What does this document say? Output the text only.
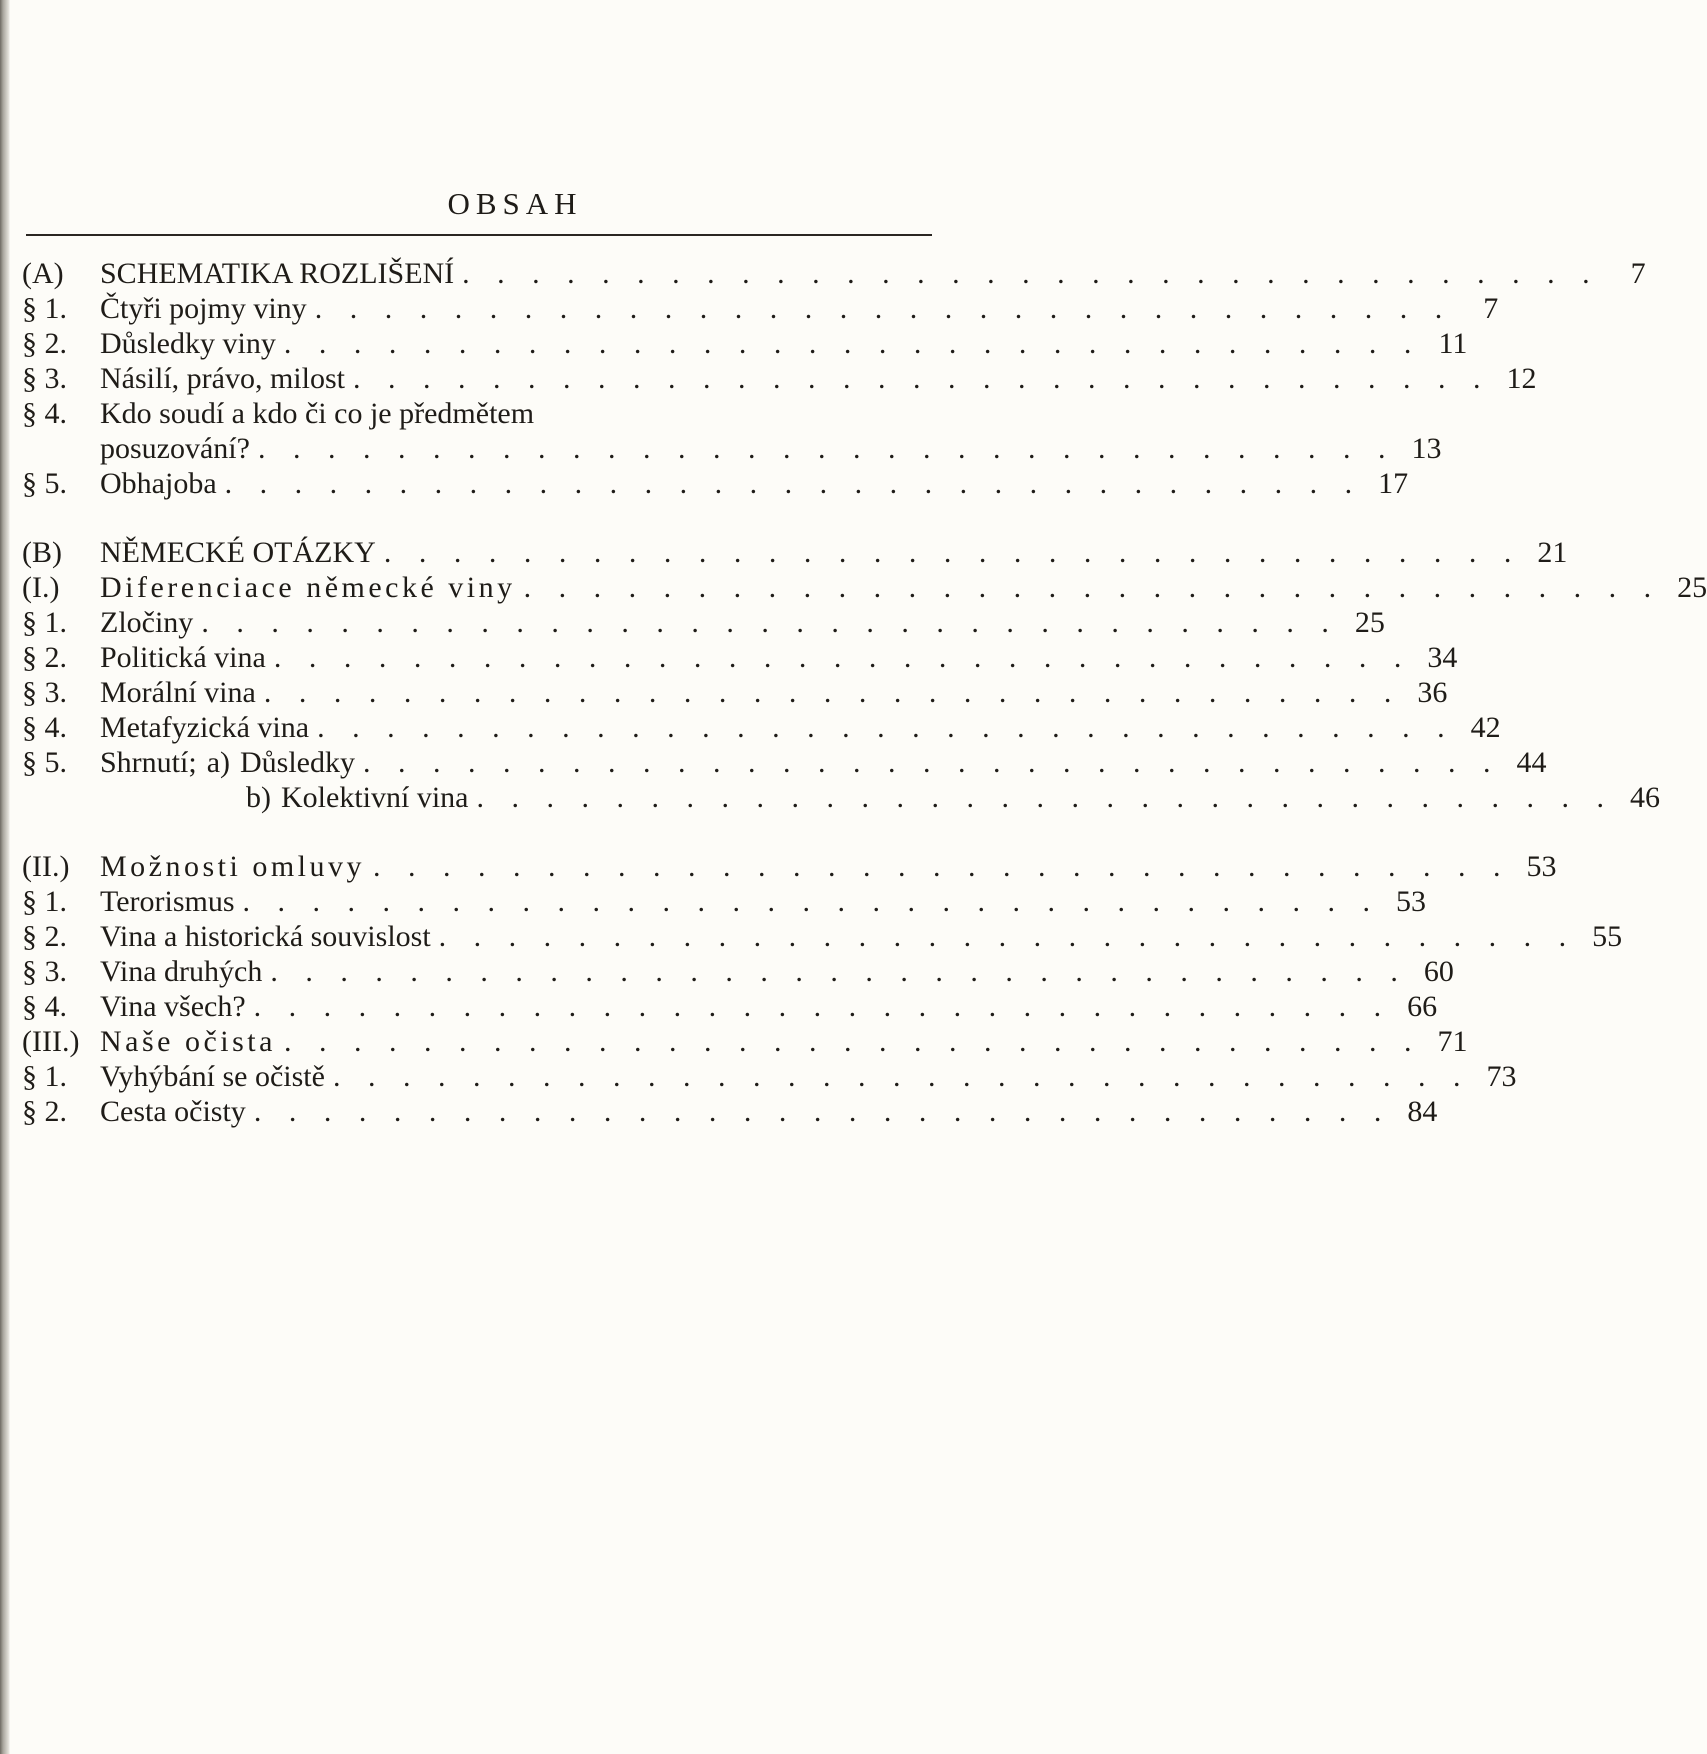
OBSAH
(A)	SCHEMATIKA ROZLIŠENÍ . . . . . . . . . . . . . . . . . . . . . . . . . . . . . . . . .	7
§ 1.	Čtyři pojmy viny . . . . . . . . . . . . . . . . . . . . . . . . . . . . . . . . .	7
§ 2.	Důsledky viny . . . . . . . . . . . . . . . . . . . . . . . . . . . . . . . . . 11
§ 3.	Násilí, právo, milost . . . . . . . . . . . . . . . . . . . . . . . . . . . . . . . . . 12
§ 4.	Kdo soudí a kdo či co je předmětem
posuzování? . . . . . . . . . . . . . . . . . . . . . . . . . . . . . . . . . 13
§ 5.	Obhajoba . . . . . . . . . . . . . . . . . . . . . . . . . . . . . . . . . 17
(B)	NĚMECKÉ OTÁZKY . . . . . . . . . . . . . . . . . . . . . . . . . . . . . . . . . 21
(I.)	Diferenciace německé viny . . . . . . . . . . . . . . . . . . . . . . . . . . . . . . . . . 25
§ 1.	Zločiny . . . . . . . . . . . . . . . . . . . . . . . . . . . . . . . . . 25
§ 2.	Politická vina . . . . . . . . . . . . . . . . . . . . . . . . . . . . . . . . . 34
§ 3.	Morální vina . . . . . . . . . . . . . . . . . . . . . . . . . . . . . . . . . 36
§ 4.	Metafyzická vina . . . . . . . . . . . . . . . . . . . . . . . . . . . . . . . . . 42
§ 5.	Shrnutí; a) Důsledky . . . . . . . . . . . . . . . . . . . . . . . . . . . . . . . . . 44
b) Kolektivní vina . . . . . . . . . . . . . . . . . . . . . . . . . . . . . . . . . 46
(II.)	Možnosti omluvy . . . . . . . . . . . . . . . . . . . . . . . . . . . . . . . . . 53
§ 1.	Terorismus . . . . . . . . . . . . . . . . . . . . . . . . . . . . . . . . . 53
§ 2.	Vina a historická souvislost . . . . . . . . . . . . . . . . . . . . . . . . . . . . . . . . . 55
§ 3.	Vina druhých . . . . . . . . . . . . . . . . . . . . . . . . . . . . . . . . . 60
§ 4.	Vina všech? . . . . . . . . . . . . . . . . . . . . . . . . . . . . . . . . . 66
(III.) Naše očista . . . . . . . . . . . . . . . . . . . . . . . . . . . . . . . . . 71
§ 1.	Vyhýbání se očistě . . . . . . . . . . . . . . . . . . . . . . . . . . . . . . . . . 73
§ 2.	Cesta očisty . . . . . . . . . . . . . . . . . . . . . . . . . . . . . . . . . 84
